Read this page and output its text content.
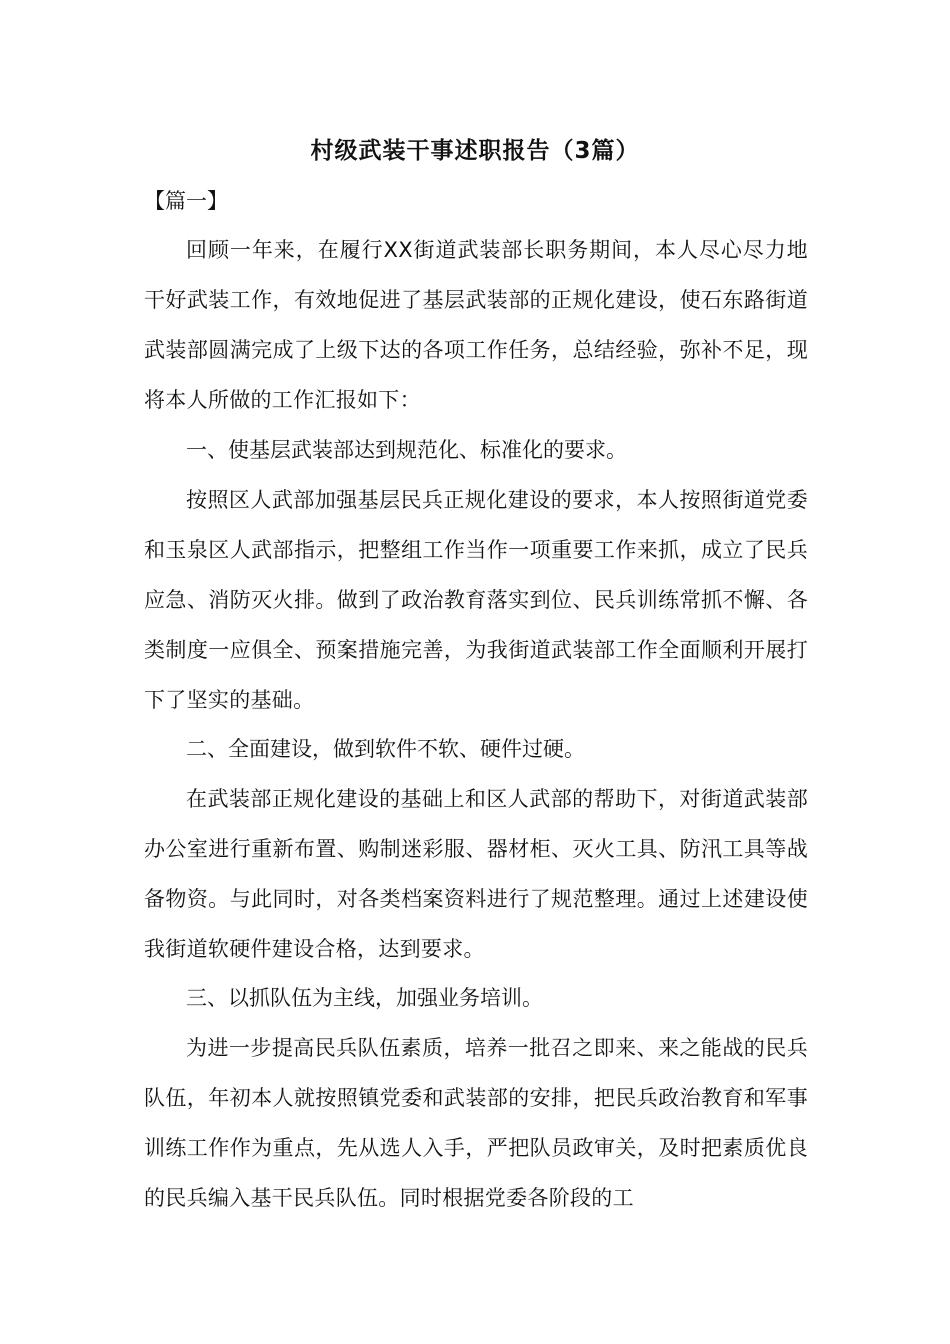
村级武装干事述职报告（3篇）
【篇一】
回顾一年来，在履行XX街道武装部长职务期间，本人尽心尽力地干好武装工作，有效地促进了基层武装部的正规化建设，使石东路街道武装部圆满完成了上级下达的各项工作任务，总结经验，弥补不足，现将本人所做的工作汇报如下：
一、使基层武装部达到规范化、标准化的要求。
按照区人武部加强基层民兵正规化建设的要求，本人按照街道党委和玉泉区人武部指示，把整组工作当作一项重要工作来抓，成立了民兵应急、消防灭火排。做到了政治教育落实到位、民兵训练常抓不懈、各类制度一应俱全、预案措施完善，为我街道武装部工作全面顺利开展打下了坚实的基础。
二、全面建设，做到软件不软、硬件过硬。
在武装部正规化建设的基础上和区人武部的帮助下，对街道武装部办公室进行重新布置、购制迷彩服、器材柜、灭火工具、防汛工具等战备物资。与此同时，对各类档案资料进行了规范整理。通过上述建设使我街道软硬件建设合格，达到要求。
三、以抓队伍为主线，加强业务培训。
为进一步提高民兵队伍素质，培养一批召之即来、来之能战的民兵队伍，年初本人就按照镇党委和武装部的安排，把民兵政治教育和军事训练工作作为重点，先从选人入手，严把队员政审关，及时把素质优良的民兵编入基干民兵队伍。同时根据党委各阶段的工
